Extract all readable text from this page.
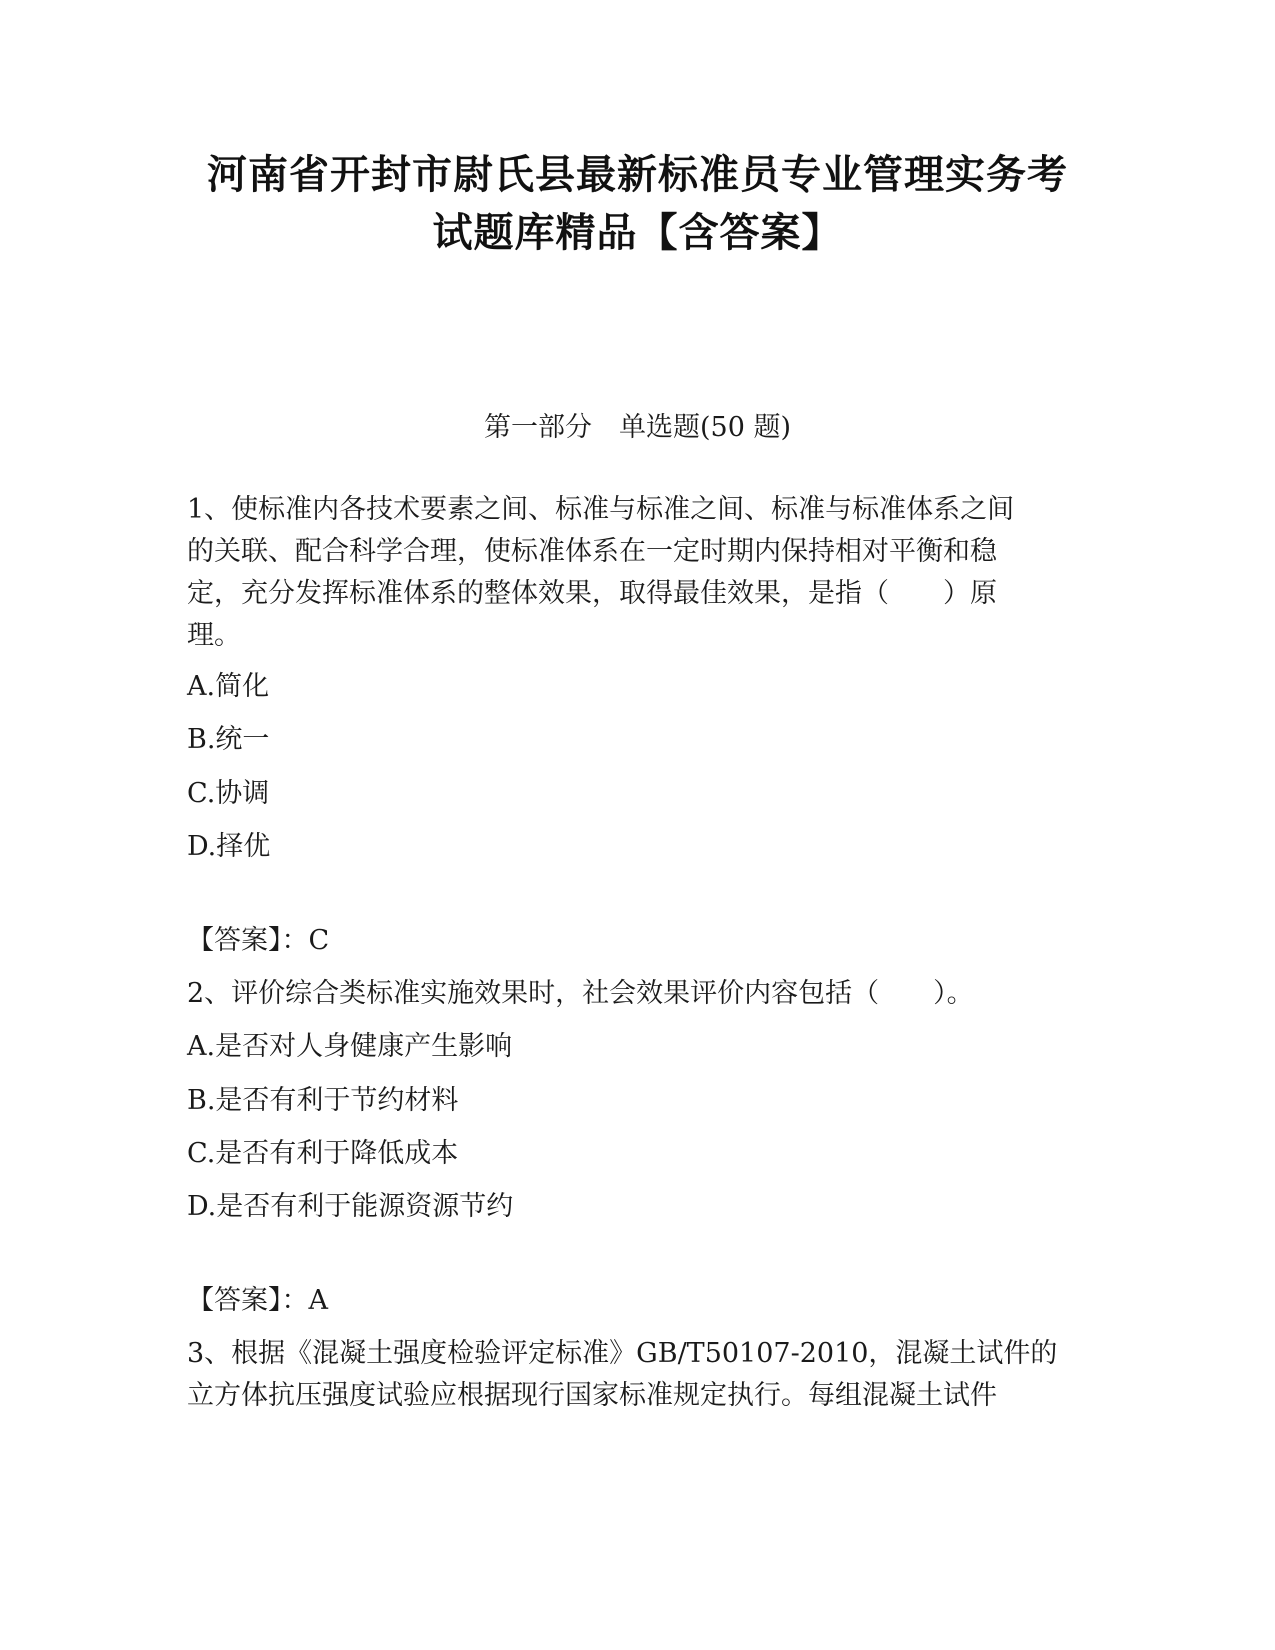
河南省开封市尉氏县最新标准员专业管理实务考
试题库精品【含答案】
第一部分　单选题(50 题)
1、使标准内各技术要素之间、标准与标准之间、标准与标准体系之间
的关联、配合科学合理，使标准体系在一定时期内保持相对平衡和稳
定，充分发挥标准体系的整体效果，取得最佳效果，是指（　　）原
理。
A.简化
B.统一
C.协调
D.择优
【答案】：C
2、评价综合类标准实施效果时，社会效果评价内容包括（　　）。
A.是否对人身健康产生影响
B.是否有利于节约材料
C.是否有利于降低成本
D.是否有利于能源资源节约
【答案】：A
3、根据《混凝土强度检验评定标准》GB/T50107-2010，混凝土试件的
立方体抗压强度试验应根据现行国家标准规定执行。每组混凝土试件
